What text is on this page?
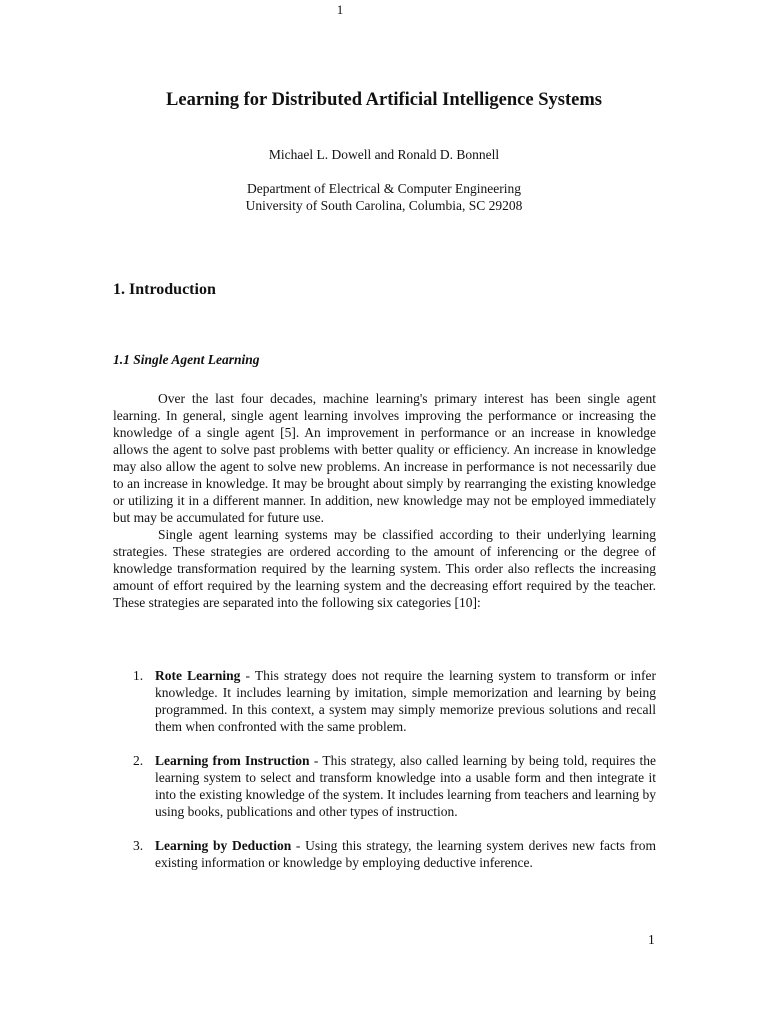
1
Learning for Distributed Artificial Intelligence Systems
Michael L. Dowell and Ronald D. Bonnell
Department of Electrical & Computer Engineering
University of South Carolina, Columbia, SC 29208
1. Introduction
1.1 Single Agent Learning

Over the last four decades, machine learning's primary interest has been single agent learning. In general, single agent learning involves improving the performance or increasing the knowledge of a single agent [5]. An improvement in performance or an increase in knowledge allows the agent to solve past problems with better quality or efficiency. An increase in knowledge may also allow the agent to solve new problems. An increase in performance is not necessarily due to an increase in knowledge. It may be brought about simply by rearranging the existing knowledge or utilizing it in a different manner. In addition, new knowledge may not be employed immediately but may be accumulated for future use.

Single agent learning systems may be classified according to their underlying learning strategies. These strategies are ordered according to the amount of inferencing or the degree of knowledge transformation required by the learning system. This order also reflects the increasing amount of effort required by the learning system and the decreasing effort required by the teacher. These strategies are separated into the following six categories [10]:

1. Rote Learning - This strategy does not require the learning system to transform or infer knowledge. It includes learning by imitation, simple memorization and learning by being programmed. In this context, a system may simply memorize previous solutions and recall them when confronted with the same problem.
2. Learning from Instruction - This strategy, also called learning by being told, requires the learning system to select and transform knowledge into a usable form and then integrate it into the existing knowledge of the system. It includes learning from teachers and learning by using books, publications and other types of instruction.
3. Learning by Deduction - Using this strategy, the learning system derives new facts from existing information or knowledge by employing deductive inference.
1
